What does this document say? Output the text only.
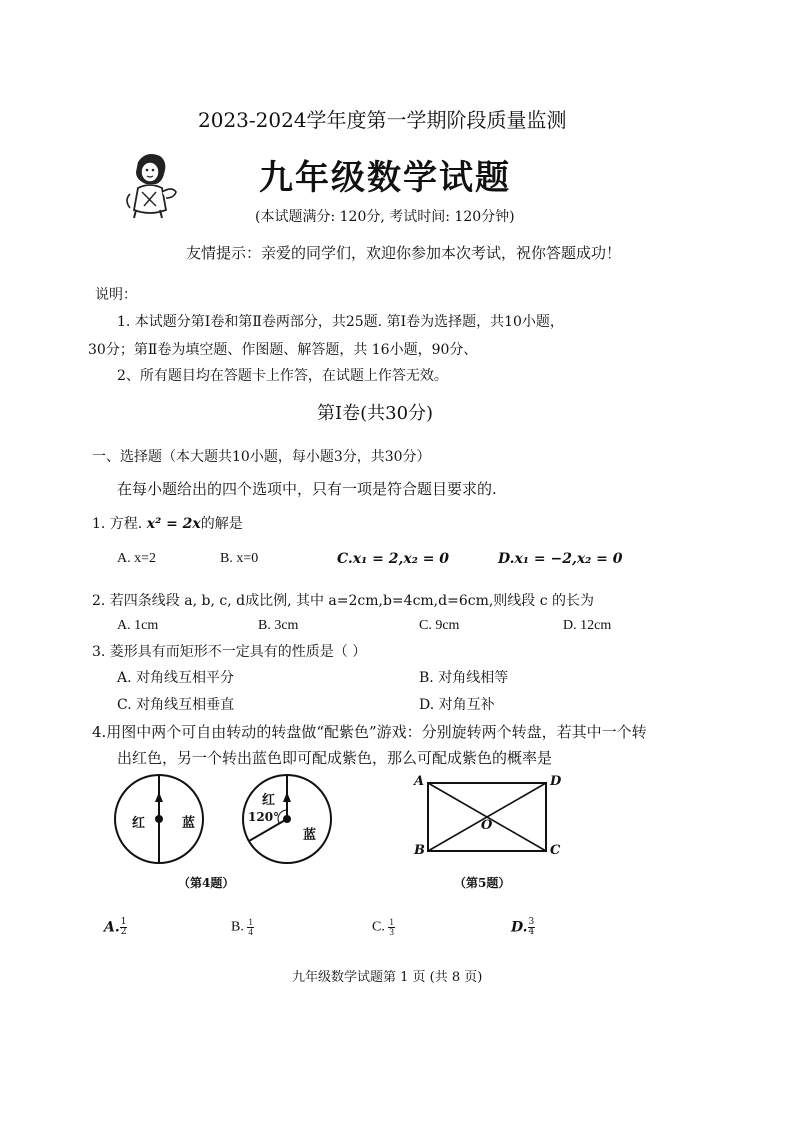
2023-2024学年度第一学期阶段质量监测
九年级数学试题
(本试题满分: 120分, 考试时间: 120分钟)
友情提示：亲爱的同学们，欢迎你参加本次考试，祝你答题成功！
说明：
1. 本试题分第Ⅰ卷和第Ⅱ卷两部分，共25题. 第Ⅰ卷为选择题，共10小题，
30分；第Ⅱ卷为填空题、作图题、解答题，共 16小题，90分、
2、所有题目均在答题卡上作答，在试题上作答无效。
第Ⅰ卷(共30分)
一、选择题（本大题共10小题，每小题3分，共30分）
在每小题给出的四个选项中，只有一项是符合题目要求的.
1. 方程. x² = 2x的解是
A. x=2	B. x=0	C.x₁ = 2,x₂ = 0	D.x₁ = −2,x₂ = 0
2. 若四条线段 a, b, c, d成比例, 其中 a=2cm,b=4cm,d=6cm,则线段 c 的长为
A. 1cm	B. 3cm	C. 9cm	D. 12cm
3. 菱形具有而矩形不一定具有的性质是（ ）
A. 对角线互相平分	B. 对角线相等
C. 对角线互相垂直	D. 对角互补
4.用图中两个可自由转动的转盘做“配紫色”游戏：分别旋转两个转盘，若其中一个转
出红色，另一个转出蓝色即可配成紫色，那么可配成紫色的概率是
红	蓝
红
120°
蓝
（第4题）
A	D
O
B	C
（第5题）
A. $\frac{1}{2}$	B. $\frac{1}{4}$	C. $\frac{1}{3}$	D. $\frac{3}{4}$
九年级数学试题第 1 页 (共 8 页)
